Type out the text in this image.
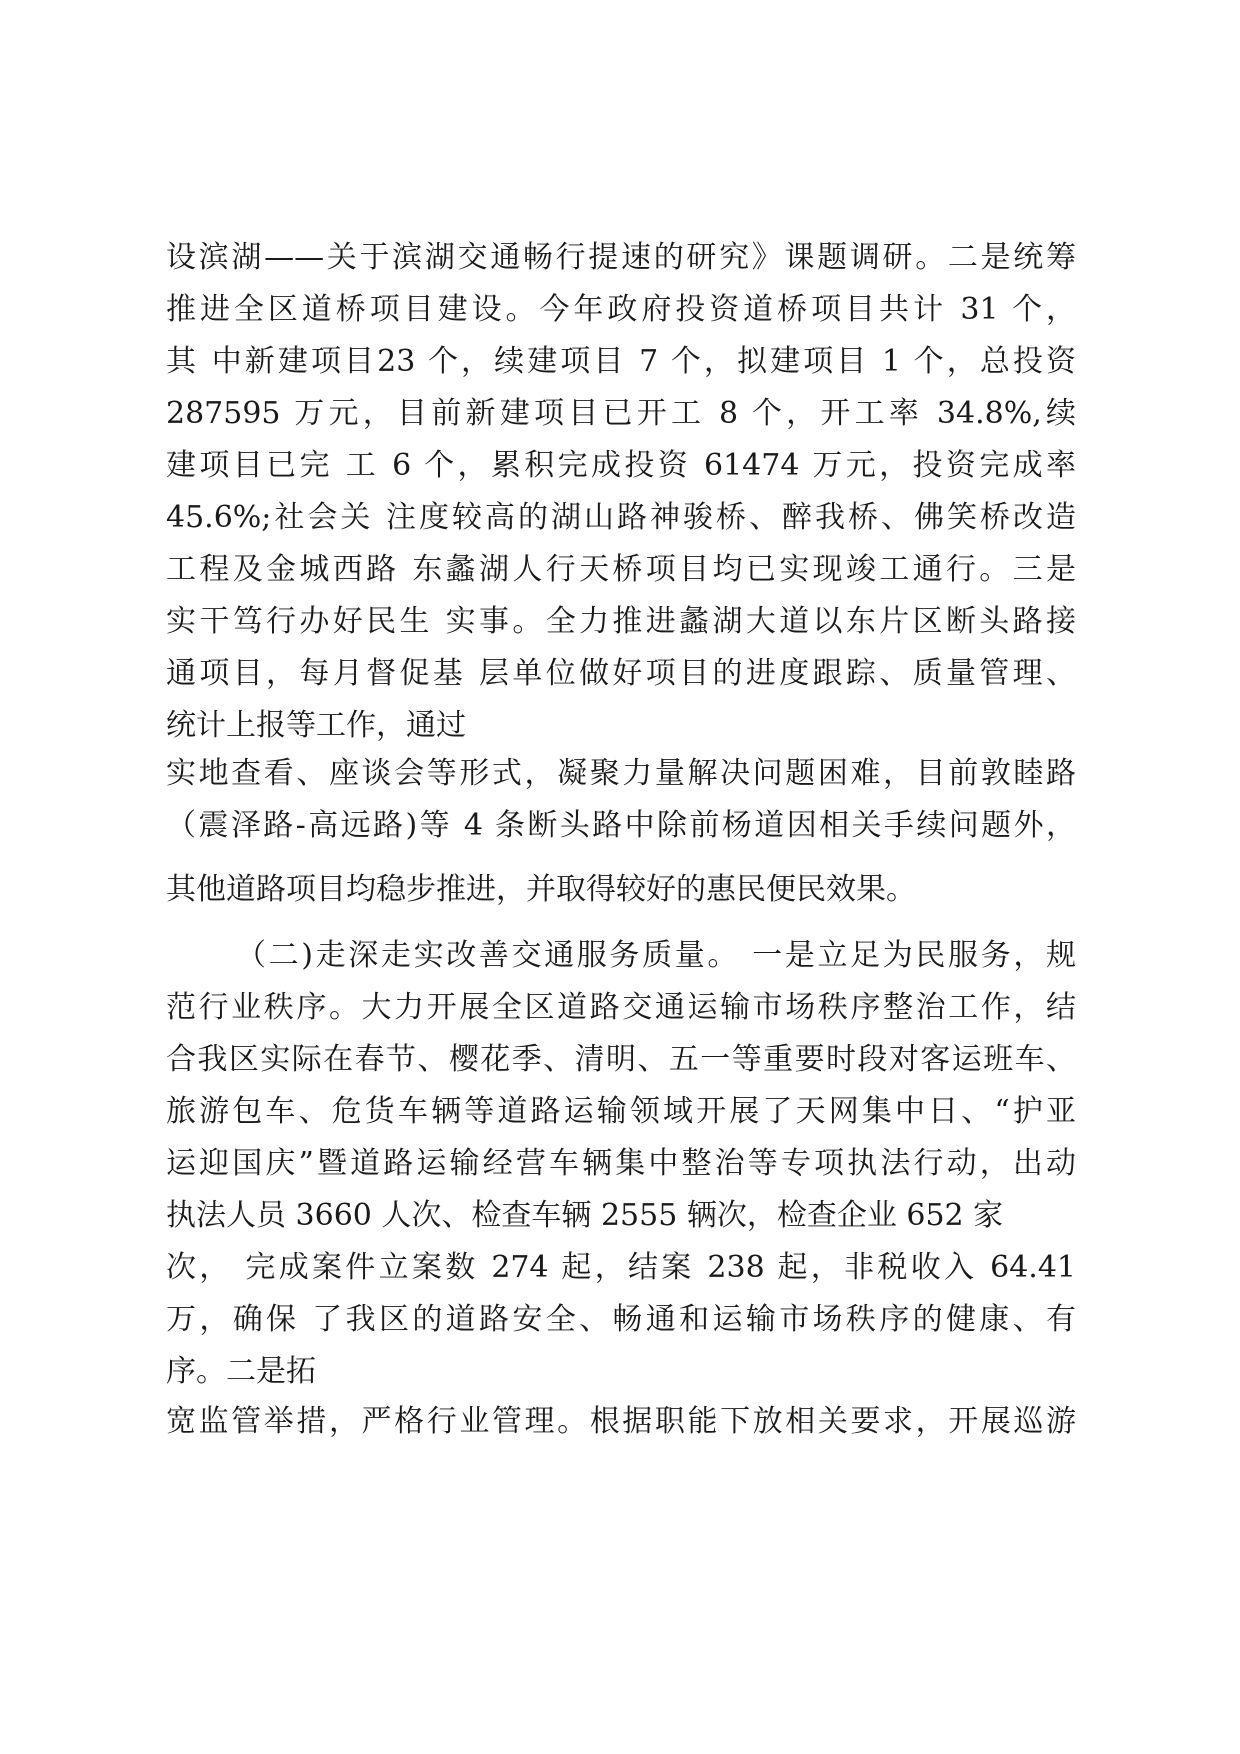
设滨湖——关于滨湖交通畅行提速的研究》课题调研。二是统筹
推进全区道桥项目建设。今年政府投资道桥项目共计 31 个，
其 中新建项目23 个，续建项目 7 个，拟建项目 1 个，总投资
287595 万元，目前新建项目已开工 8 个，开工率 34.8%,续
建项目已完 工 6 个，累积完成投资 61474 万元，投资完成率
45.6%;社会关 注度较高的湖山路神骏桥、醉我桥、佛笑桥改造
工程及金城西路 东蠡湖人行天桥项目均已实现竣工通行。三是
实干笃行办好民生 实事。全力推进蠡湖大道以东片区断头路接
通项目，每月督促基 层单位做好项目的进度跟踪、质量管理、
统计上报等工作，通过
实地查看、座谈会等形式，凝聚力量解决问题困难，目前敦睦路
（震泽路-高远路)等 4 条断头路中除前杨道因相关手续问题外，
其他道路项目均稳步推进，并取得较好的惠民便民效果。
（二)走深走实改善交通服务质量。 一是立足为民服务，规
范行业秩序。大力开展全区道路交通运输市场秩序整治工作，结
合我区实际在春节、樱花季、清明、五一等重要时段对客运班车、
旅游包车、危货车辆等道路运输领域开展了天网集中日、“护亚
运迎国庆”暨道路运输经营车辆集中整治等专项执法行动，出动
执法人员 3660 人次、检查车辆 2555 辆次，检查企业 652 家
次， 完成案件立案数 274 起，结案 238 起，非税收入 64.41
万，确保 了我区的道路安全、畅通和运输市场秩序的健康、有
序。二是拓
宽监管举措，严格行业管理。根据职能下放相关要求，开展巡游
